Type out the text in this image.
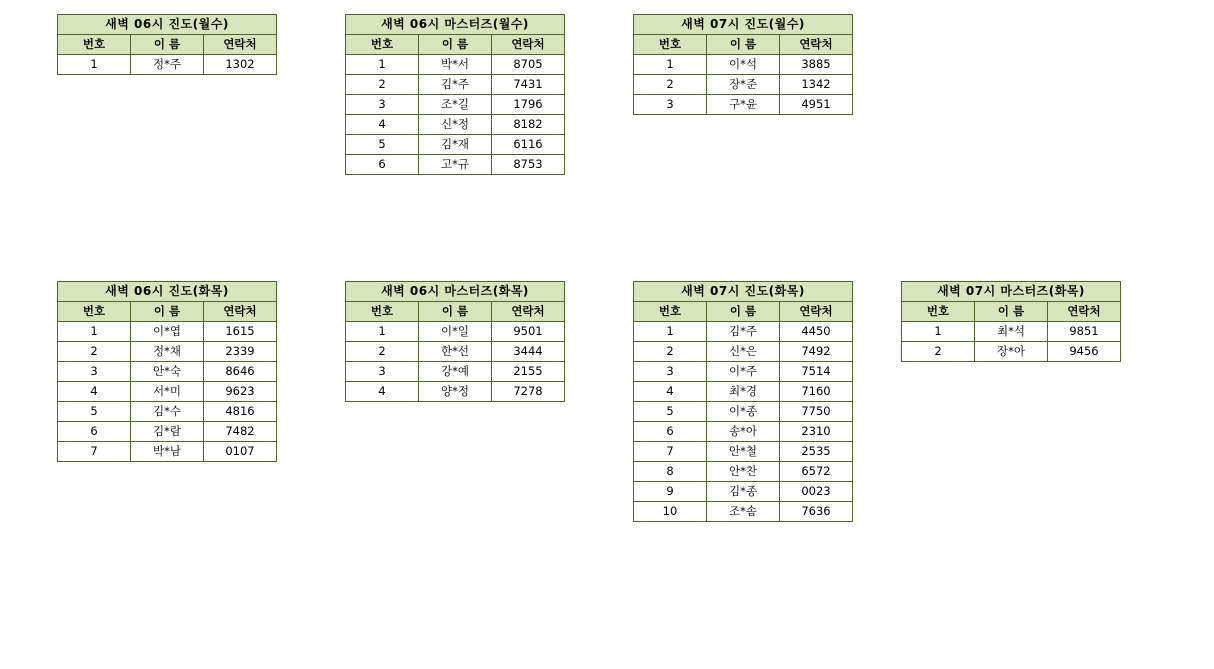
새벽 06시 진도(월수)		
번호	이 름	연락처
1	정*주	1302
새벽 06시 마스터즈(월수)		
번호	이 름	연락처
1	박*서	8705
2	김*주	7431
3	조*길	1796
4	신*정	8182
5	김*재	6116
6	고*규	8753
새벽 07시 진도(월수)		
번호	이 름	연락처
1	이*석	3885
2	장*준	1342
3	구*윤	4951
새벽 06시 진도(화목)		
번호	이 름	연락처
1	이*엽	1615
2	정*채	2339
3	안*숙	8646
4	서*미	9623
5	김*수	4816
6	김*람	7482
7	박*남	0107
새벽 06시 마스터즈(화목)		
번호	이 름	연락처
1	이*일	9501
2	한*선	3444
3	강*예	2155
4	양*정	7278
새벽 07시 진도(화목)		
번호	이 름	연락처
1	김*주	4450
2	신*은	7492
3	이*주	7514
4	최*경	7160
5	이*종	7750
6	송*아	2310
7	안*철	2535
8	안*찬	6572
9	김*종	0023
10	조*솜	7636
새벽 07시 마스터즈(화목)		
번호	이 름	연락처
1	최*석	9851
2	장*아	9456
